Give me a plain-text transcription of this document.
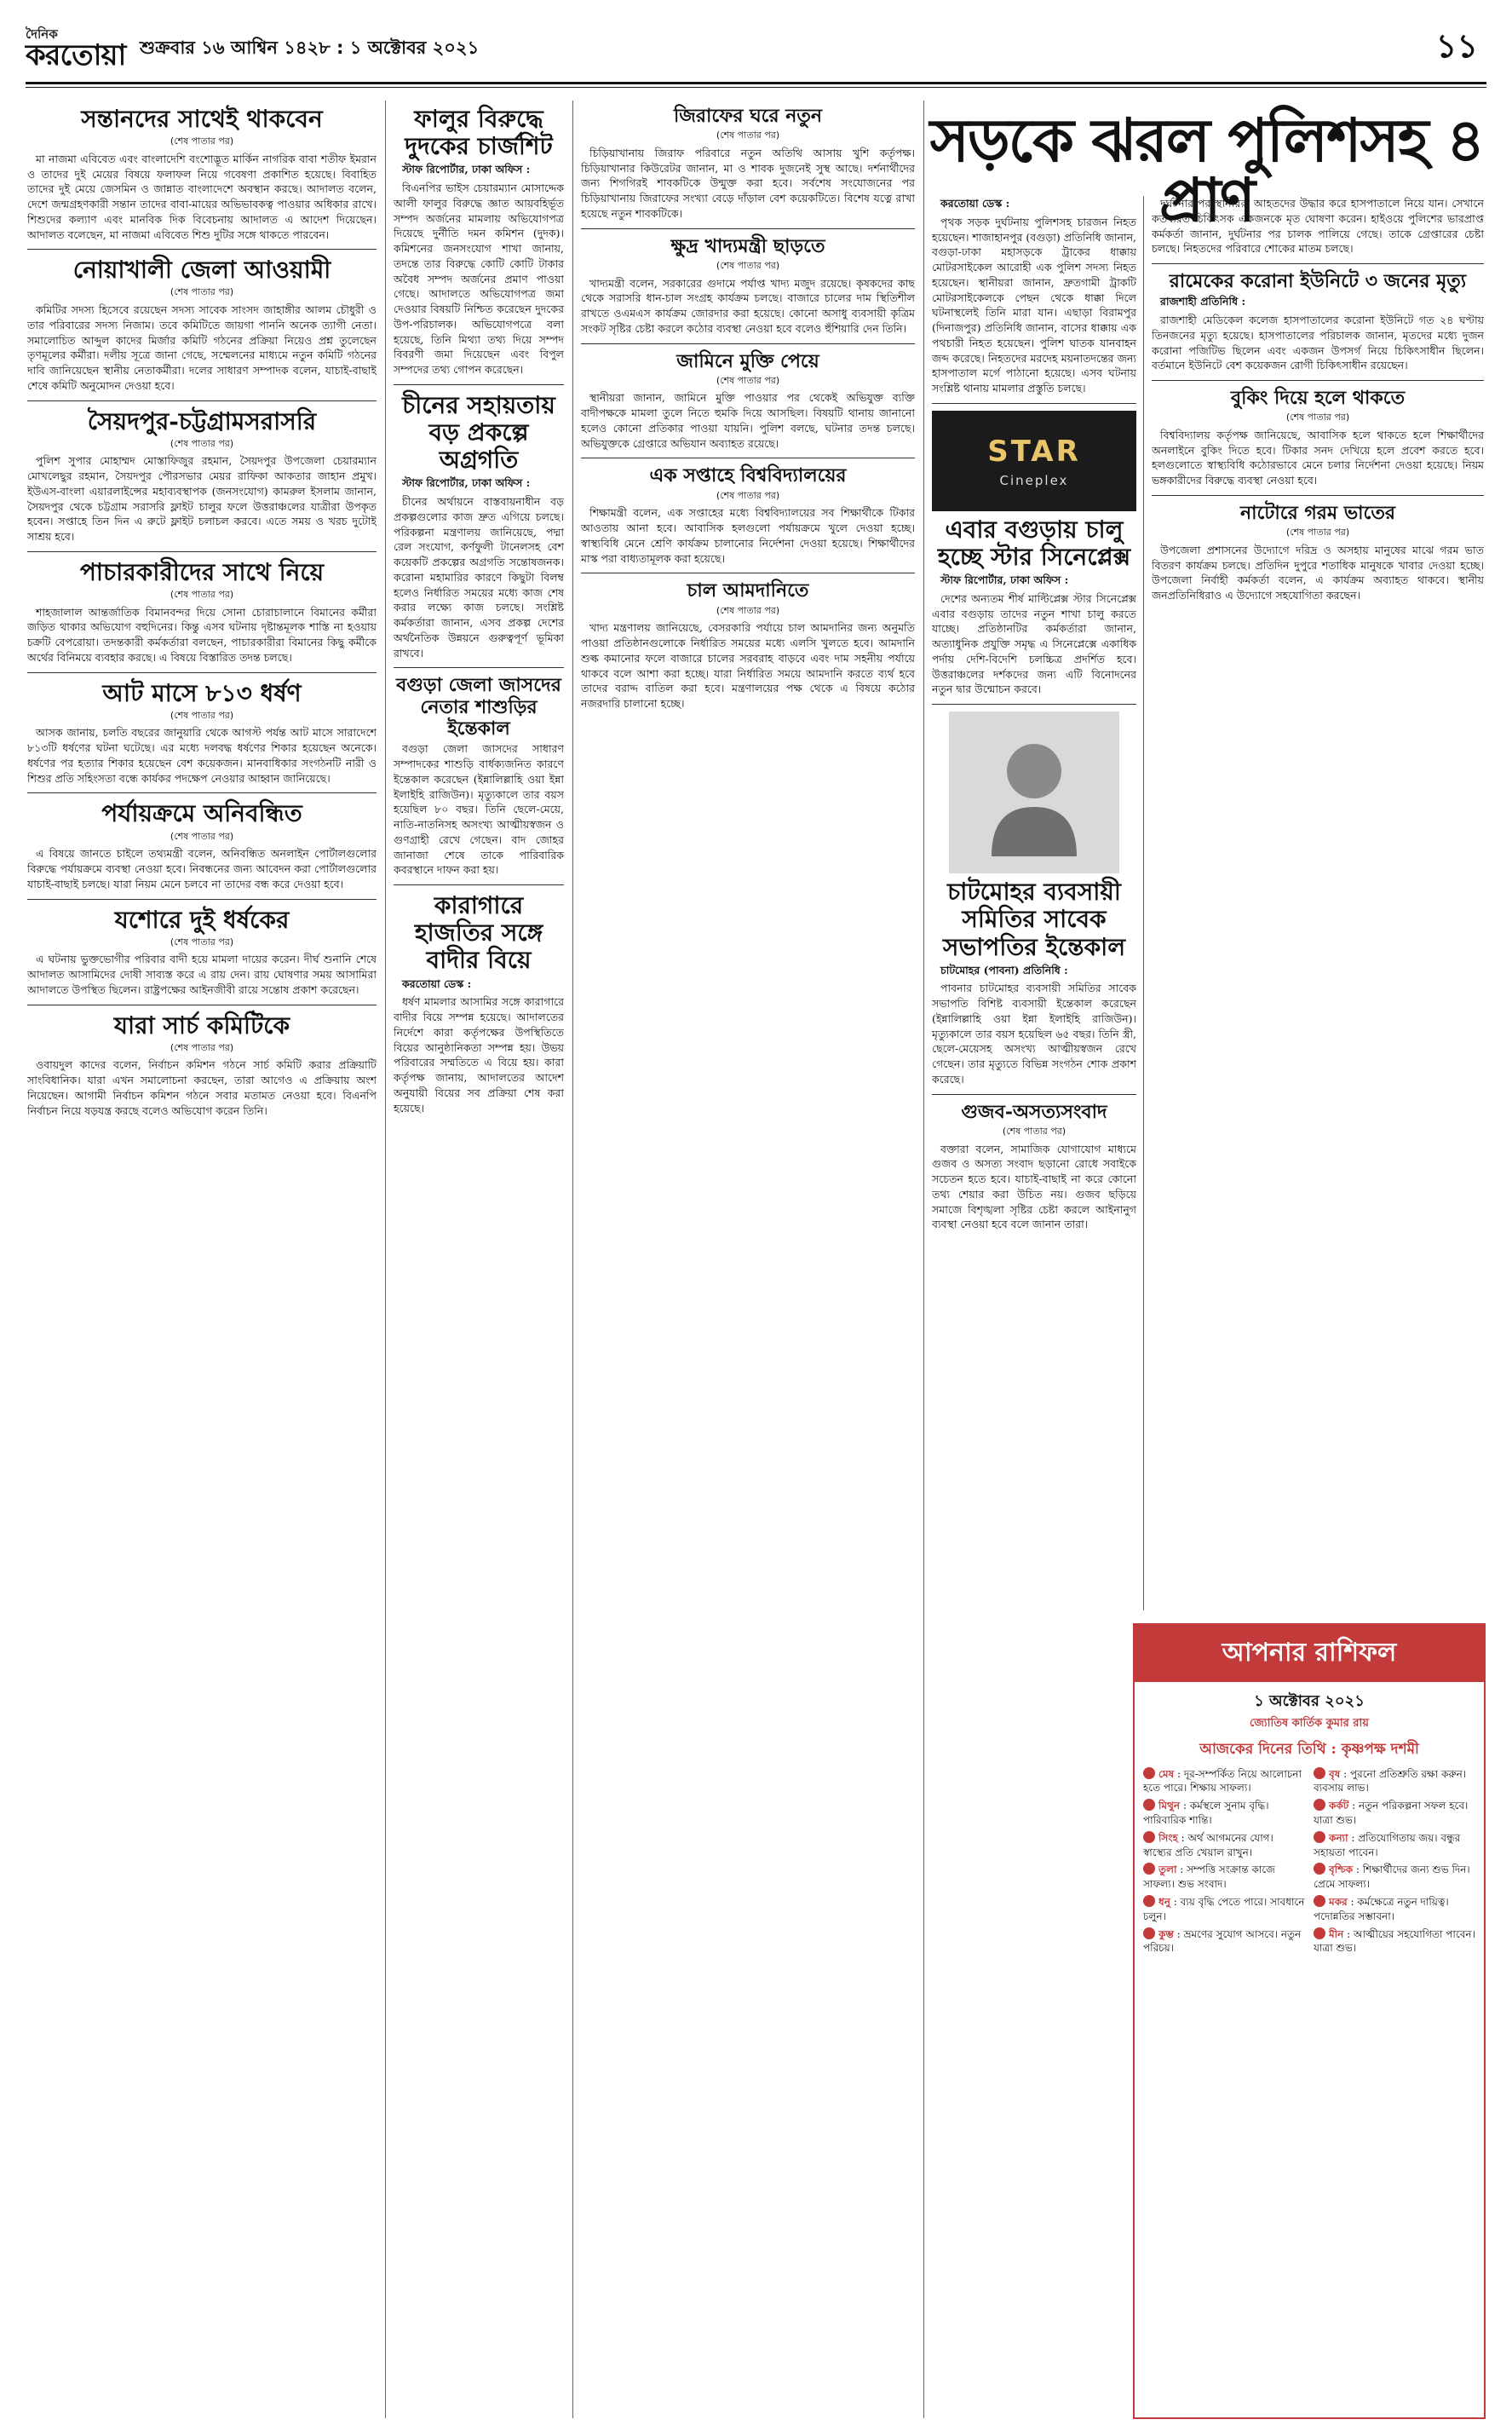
দৈনিক
করতোয়া শুক্রবার ১৬ আশ্বিন ১৪২৮ : ১ অক্টোবর ২০২১	১১
সন্তানদের সাথেই থাকবেন
(শেষ পাতার পর)

মা নাজমা এবিবেত এবং বাংলাদেশি বংশোদ্ভূত মার্কিন নাগরিক বাবা শতীফ ইমরান ও তাদের দুই মেয়ের বিষয়ে ফলাফল নিয়ে গবেষণা প্রকাশিত হয়েছে। বিবাহিত তাদের দুই মেয়ে জেসমিন ও জান্নাত বাংলাদেশে অবস্থান করছে। আদালত বলেন, দেশে জন্মগ্রহণকারী সন্তান তাদের বাবা-মায়ের অভিভাবকত্ব পাওয়ার অধিকার রাখে। শিশুদের কল্যাণ এবং মানবিক দিক বিবেচনায় আদালত এ আদেশ দিয়েছেন। আদালত বলেছেন, মা নাজমা এবিবেত শিশু দুটির সঙ্গে থাকতে পারবেন।

নোয়াখালী জেলা আওয়ামী
(শেষ পাতার পর)

কমিটির সদস্য হিসেবে রয়েছেন সদস্য সাবেক সাংসদ জাহাঙ্গীর আলম চৌধুরী ও তার পরিবারের সদস্য নিজাম। তবে কমিটিতে জায়গা পাননি অনেক ত্যাগী নেতা। সমালোচিত আব্দুল কাদের মির্জার কমিটি গঠনের প্রক্রিয়া নিয়েও প্রশ্ন তুলেছেন তৃণমূলের কর্মীরা। দলীয় সূত্রে জানা গেছে, সম্মেলনের মাধ্যমে নতুন কমিটি গঠনের দাবি জানিয়েছেন স্থানীয় নেতাকর্মীরা। দলের সাধারণ সম্পাদক বলেন, যাচাই-বাছাই শেষে কমিটি অনুমোদন দেওয়া হবে।

সৈয়দপুর-চট্টগ্রামসরাসরি
(শেষ পাতার পর)

পুলিশ সুপার মোহাম্মদ মোস্তাফিজুর রহমান, সৈয়দপুর উপজেলা চেয়ারম্যান মোখলেছুর রহমান, সৈয়দপুর পৌরসভার মেয়র রাফিকা আকতার জাহান প্রমুখ। ইউএস-বাংলা এয়ারলাইন্সের মহাব্যবস্থাপক (জনসংযোগ) কামরুল ইসলাম জানান, সৈয়দপুর থেকে চট্টগ্রাম সরাসরি ফ্লাইট চালুর ফলে উত্তরাঞ্চলের যাত্রীরা উপকৃত হবেন। সপ্তাহে তিন দিন এ রুটে ফ্লাইট চলাচল করবে। এতে সময় ও খরচ দুটোই সাশ্রয় হবে।

পাচারকারীদের সাথে নিয়ে
(শেষ পাতার পর)

শাহজালাল আন্তর্জাতিক বিমানবন্দর দিয়ে সোনা চোরাচালানে বিমানের কর্মীরা জড়িত থাকার অভিযোগ বহুদিনের। কিন্তু এসব ঘটনায় দৃষ্টান্তমূলক শাস্তি না হওয়ায় চক্রটি বেপরোয়া। তদন্তকারী কর্মকর্তারা বলছেন, পাচারকারীরা বিমানের কিছু কর্মীকে অর্থের বিনিময়ে ব্যবহার করছে। এ বিষয়ে বিস্তারিত তদন্ত চলছে।

আট মাসে ৮১৩ ধর্ষণ
(শেষ পাতার পর)

আসক জানায়, চলতি বছরের জানুয়ারি থেকে আগস্ট পর্যন্ত আট মাসে সারাদেশে ৮১৩টি ধর্ষণের ঘটনা ঘটেছে। এর মধ্যে দলবদ্ধ ধর্ষণের শিকার হয়েছেন অনেকে। ধর্ষণের পর হত্যার শিকার হয়েছেন বেশ কয়েকজন। মানবাধিকার সংগঠনটি নারী ও শিশুর প্রতি সহিংসতা বন্ধে কার্যকর পদক্ষেপ নেওয়ার আহ্বান জানিয়েছে।

পর্যায়ক্রমে অনিবন্ধিত
(শেষ পাতার পর)

এ বিষয়ে জানতে চাইলে তথ্যমন্ত্রী বলেন, অনিবন্ধিত অনলাইন পোর্টালগুলোর বিরুদ্ধে পর্যায়ক্রমে ব্যবস্থা নেওয়া হবে। নিবন্ধনের জন্য আবেদন করা পোর্টালগুলোর যাচাই-বাছাই চলছে। যারা নিয়ম মেনে চলবে না তাদের বন্ধ করে দেওয়া হবে।

যশোরে দুই ধর্ষকের
(শেষ পাতার পর)

এ ঘটনায় ভুক্তভোগীর পরিবার বাদী হয়ে মামলা দায়ের করেন। দীর্ঘ শুনানি শেষে আদালত আসামিদের দোষী সাব্যস্ত করে এ রায় দেন। রায় ঘোষণার সময় আসামিরা আদালতে উপস্থিত ছিলেন। রাষ্ট্রপক্ষের আইনজীবী রায়ে সন্তোষ প্রকাশ করেছেন।

যারা সার্চ কমিটিকে
(শেষ পাতার পর)

ওবায়দুল কাদের বলেন, নির্বাচন কমিশন গঠনে সার্চ কমিটি করার প্রক্রিয়াটি সাংবিধানিক। যারা এখন সমালোচনা করছেন, তারা আগেও এ প্রক্রিয়ায় অংশ নিয়েছেন। আগামী নির্বাচন কমিশন গঠনে সবার মতামত নেওয়া হবে। বিএনপি নির্বাচন নিয়ে ষড়যন্ত্র করছে বলেও অভিযোগ করেন তিনি।

ফালুর বিরুদ্ধে দুদকের চার্জশিট

স্টাফ রিপোর্টার, ঢাকা অফিস :

বিএনপির ভাইস চেয়ারম্যান মোসাদ্দেক আলী ফালুর বিরুদ্ধে জ্ঞাত আয়বহির্ভূত সম্পদ অর্জনের মামলায় অভিযোগপত্র দিয়েছে দুর্নীতি দমন কমিশন (দুদক)। কমিশনের জনসংযোগ শাখা জানায়, তদন্তে তার বিরুদ্ধে কোটি কোটি টাকার অবৈধ সম্পদ অর্জনের প্রমাণ পাওয়া গেছে। আদালতে অভিযোগপত্র জমা দেওয়ার বিষয়টি নিশ্চিত করেছেন দুদকের উপ-পরিচালক। অভিযোগপত্রে বলা হয়েছে, তিনি মিথ্যা তথ্য দিয়ে সম্পদ বিবরণী জমা দিয়েছেন এবং বিপুল সম্পদের তথ্য গোপন করেছেন।

চীনের সহায়তায় বড় প্রকল্পে অগ্রগতি

স্টাফ রিপোর্টার, ঢাকা অফিস :

চীনের অর্থায়নে বাস্তবায়নাধীন বড় প্রকল্পগুলোর কাজ দ্রুত এগিয়ে চলছে। পরিকল্পনা মন্ত্রণালয় জানিয়েছে, পদ্মা রেল সংযোগ, কর্ণফুলী টানেলসহ বেশ কয়েকটি প্রকল্পের অগ্রগতি সন্তোষজনক। করোনা মহামারির কারণে কিছুটা বিলম্ব হলেও নির্ধারিত সময়ের মধ্যে কাজ শেষ করার লক্ষ্যে কাজ চলছে। সংশ্লিষ্ট কর্মকর্তারা জানান, এসব প্রকল্প দেশের অর্থনৈতিক উন্নয়নে গুরুত্বপূর্ণ ভূমিকা রাখবে।

বগুড়া জেলা জাসদের নেতার শাশুড়ির ইন্তেকাল

বগুড়া জেলা জাসদের সাধারণ সম্পাদকের শাশুড়ি বার্ধক্যজনিত কারণে ইন্তেকাল করেছেন (ইন্নালিল্লাহি ওয়া ইন্না ইলাইহি রাজিউন)। মৃত্যুকালে তার বয়স হয়েছিল ৮০ বছর। তিনি ছেলে-মেয়ে, নাতি-নাতনিসহ অসংখ্য আত্মীয়স্বজন ও গুণগ্রাহী রেখে গেছেন। বাদ জোহর জানাজা শেষে তাকে পারিবারিক কবরস্থানে দাফন করা হয়।

কারাগারে হাজতির সঙ্গে বাদীর বিয়ে

করতোয়া ডেস্ক :

ধর্ষণ মামলার আসামির সঙ্গে কারাগারে বাদীর বিয়ে সম্পন্ন হয়েছে। আদালতের নির্দেশে কারা কর্তৃপক্ষের উপস্থিতিতে বিয়ের আনুষ্ঠানিকতা সম্পন্ন হয়। উভয় পরিবারের সম্মতিতে এ বিয়ে হয়। কারা কর্তৃপক্ষ জানায়, আদালতের আদেশ অনুযায়ী বিয়ের সব প্রক্রিয়া শেষ করা হয়েছে।

জিরাফের ঘরে নতুন
(শেষ পাতার পর)

চিড়িয়াখানায় জিরাফ পরিবারে নতুন অতিথি আসায় খুশি কর্তৃপক্ষ। চিড়িয়াখানার কিউরেটর জানান, মা ও শাবক দুজনেই সুস্থ আছে। দর্শনার্থীদের জন্য শিগগিরই শাবকটিকে উন্মুক্ত করা হবে। সর্বশেষ সংযোজনের পর চিড়িয়াখানায় জিরাফের সংখ্যা বেড়ে দাঁড়াল বেশ কয়েকটিতে। বিশেষ যত্নে রাখা হয়েছে নতুন শাবকটিকে।

ক্ষুদ্র খাদ্যমন্ত্রী ছাড়তে
(শেষ পাতার পর)

খাদ্যমন্ত্রী বলেন, সরকারের গুদামে পর্যাপ্ত খাদ্য মজুদ রয়েছে। কৃষকদের কাছ থেকে সরাসরি ধান-চাল সংগ্রহ কার্যক্রম চলছে। বাজারে চালের দাম স্থিতিশীল রাখতে ওএমএস কার্যক্রম জোরদার করা হয়েছে। কোনো অসাধু ব্যবসায়ী কৃত্রিম সংকট সৃষ্টির চেষ্টা করলে কঠোর ব্যবস্থা নেওয়া হবে বলেও হুঁশিয়ারি দেন তিনি।

জামিনে মুক্তি পেয়ে
(শেষ পাতার পর)

স্থানীয়রা জানান, জামিনে মুক্তি পাওয়ার পর থেকেই অভিযুক্ত ব্যক্তি বাদীপক্ষকে মামলা তুলে নিতে হুমকি দিয়ে আসছিল। বিষয়টি থানায় জানানো হলেও কোনো প্রতিকার পাওয়া যায়নি। পুলিশ বলছে, ঘটনার তদন্ত চলছে। অভিযুক্তকে গ্রেপ্তারে অভিযান অব্যাহত রয়েছে।

এক সপ্তাহে বিশ্ববিদ্যালয়ের
(শেষ পাতার পর)

শিক্ষামন্ত্রী বলেন, এক সপ্তাহের মধ্যে বিশ্ববিদ্যালয়ের সব শিক্ষার্থীকে টিকার আওতায় আনা হবে। আবাসিক হলগুলো পর্যায়ক্রমে খুলে দেওয়া হচ্ছে। স্বাস্থ্যবিধি মেনে শ্রেণি কার্যক্রম চালানোর নির্দেশনা দেওয়া হয়েছে। শিক্ষার্থীদের মাস্ক পরা বাধ্যতামূলক করা হয়েছে।

চাল আমদানিতে
(শেষ পাতার পর)

খাদ্য মন্ত্রণালয় জানিয়েছে, বেসরকারি পর্যায়ে চাল আমদানির জন্য অনুমতি পাওয়া প্রতিষ্ঠানগুলোকে নির্ধারিত সময়ের মধ্যে এলসি খুলতে হবে। আমদানি শুল্ক কমানোর ফলে বাজারে চালের সরবরাহ বাড়বে এবং দাম সহনীয় পর্যায়ে থাকবে বলে আশা করা হচ্ছে। যারা নির্ধারিত সময়ে আমদানি করতে ব্যর্থ হবে তাদের বরাদ্দ বাতিল করা হবে। মন্ত্রণালয়ের পক্ষ থেকে এ বিষয়ে কঠোর নজরদারি চালানো হচ্ছে।

সড়কে ঝরল পুলিশসহ ৪ প্রাণ

করতোয়া ডেস্ক :

পৃথক সড়ক দুর্ঘটনায় পুলিশসহ চারজন নিহত হয়েছেন। শাজাহানপুর (বগুড়া) প্রতিনিধি জানান, বগুড়া-ঢাকা মহাসড়কে ট্রাকের ধাক্কায় মোটরসাইকেল আরোহী এক পুলিশ সদস্য নিহত হয়েছেন। স্থানীয়রা জানান, দ্রুতগামী ট্রাকটি মোটরসাইকেলকে পেছন থেকে ধাক্কা দিলে ঘটনাস্থলেই তিনি মারা যান। এছাড়া বিরামপুর (দিনাজপুর) প্রতিনিধি জানান, বাসের ধাক্কায় এক পথচারী নিহত হয়েছেন। পুলিশ ঘাতক যানবাহন জব্দ করেছে। নিহতদের মরদেহ ময়নাতদন্তের জন্য হাসপাতাল মর্গে পাঠানো হয়েছে। এসব ঘটনায় সংশ্লিষ্ট থানায় মামলার প্রস্তুতি চলছে।

STAR
Cineplex
এবার বগুড়ায় চালু হচ্ছে স্টার সিনেপ্লেক্স

স্টাফ রিপোর্টার, ঢাকা অফিস :

দেশের অন্যতম শীর্ষ মাল্টিপ্লেক্স স্টার সিনেপ্লেক্স এবার বগুড়ায় তাদের নতুন শাখা চালু করতে যাচ্ছে। প্রতিষ্ঠানটির কর্মকর্তারা জানান, অত্যাধুনিক প্রযুক্তি সমৃদ্ধ এ সিনেপ্লেক্সে একাধিক পর্দায় দেশি-বিদেশি চলচ্চিত্র প্রদর্শিত হবে। উত্তরাঞ্চলের দর্শকদের জন্য এটি বিনোদনের নতুন দ্বার উন্মোচন করবে।

চাটমোহর ব্যবসায়ী সমিতির সাবেক সভাপতির ইন্তেকাল

চাটমোহর (পাবনা) প্রতিনিধি :

পাবনার চাটমোহর ব্যবসায়ী সমিতির সাবেক সভাপতি বিশিষ্ট ব্যবসায়ী ইন্তেকাল করেছেন (ইন্নালিল্লাহি ওয়া ইন্না ইলাইহি রাজিউন)। মৃত্যুকালে তার বয়স হয়েছিল ৬৫ বছর। তিনি স্ত্রী, ছেলে-মেয়েসহ অসংখ্য আত্মীয়স্বজন রেখে গেছেন। তার মৃত্যুতে বিভিন্ন সংগঠন শোক প্রকাশ করেছে।

গুজব-অসত্যসংবাদ
(শেষ পাতার পর)

বক্তারা বলেন, সামাজিক যোগাযোগ মাধ্যমে গুজব ও অসত্য সংবাদ ছড়ানো রোধে সবাইকে সচেতন হতে হবে। যাচাই-বাছাই না করে কোনো তথ্য শেয়ার করা উচিত নয়। গুজব ছড়িয়ে সমাজে বিশৃঙ্খলা সৃষ্টির চেষ্টা করলে আইনানুগ ব্যবস্থা নেওয়া হবে বলে জানান তারা।

দুর্ঘটনার পর স্থানীয়রা আহতদের উদ্ধার করে হাসপাতালে নিয়ে যান। সেখানে কর্তব্যরত চিকিৎসক একজনকে মৃত ঘোষণা করেন। হাইওয়ে পুলিশের ভারপ্রাপ্ত কর্মকর্তা জানান, দুর্ঘটনার পর চালক পালিয়ে গেছে। তাকে গ্রেপ্তারের চেষ্টা চলছে। নিহতদের পরিবারে শোকের মাতম চলছে।

রামেকের করোনা ইউনিটে ৩ জনের মৃত্যু

রাজশাহী প্রতিনিধি :

রাজশাহী মেডিকেল কলেজ হাসপাতালের করোনা ইউনিটে গত ২৪ ঘণ্টায় তিনজনের মৃত্যু হয়েছে। হাসপাতালের পরিচালক জানান, মৃতদের মধ্যে দুজন করোনা পজিটিভ ছিলেন এবং একজন উপসর্গ নিয়ে চিকিৎসাধীন ছিলেন। বর্তমানে ইউনিটে বেশ কয়েকজন রোগী চিকিৎসাধীন রয়েছেন।

বুকিং দিয়ে হলে থাকতে
(শেষ পাতার পর)

বিশ্ববিদ্যালয় কর্তৃপক্ষ জানিয়েছে, আবাসিক হলে থাকতে হলে শিক্ষার্থীদের অনলাইনে বুকিং দিতে হবে। টিকার সনদ দেখিয়ে হলে প্রবেশ করতে হবে। হলগুলোতে স্বাস্থ্যবিধি কঠোরভাবে মেনে চলার নির্দেশনা দেওয়া হয়েছে। নিয়ম ভঙ্গকারীদের বিরুদ্ধে ব্যবস্থা নেওয়া হবে।

নাটোরে গরম ভাতের
(শেষ পাতার পর)

উপজেলা প্রশাসনের উদ্যোগে দরিদ্র ও অসহায় মানুষের মাঝে গরম ভাত বিতরণ কার্যক্রম চলছে। প্রতিদিন দুপুরে শতাধিক মানুষকে খাবার দেওয়া হচ্ছে। উপজেলা নির্বাহী কর্মকর্তা বলেন, এ কার্যক্রম অব্যাহত থাকবে। স্থানীয় জনপ্রতিনিধিরাও এ উদ্যোগে সহযোগিতা করছেন।

আপনার রাশিফল
১ অক্টোবর ২০২১
জ্যোতিষ কার্তিক কুমার রায়
আজকের দিনের তিথি : কৃষ্ণপক্ষ দশমী
মেষ : দূর-সম্পর্কিত নিয়ে আলোচনা হতে পারে। শিক্ষায় সাফল্য।
বৃষ : পুরনো প্রতিশ্রুতি রক্ষা করুন। ব্যবসায় লাভ।
মিথুন : কর্মস্থলে সুনাম বৃদ্ধি। পারিবারিক শান্তি।
কর্কট : নতুন পরিকল্পনা সফল হবে। যাত্রা শুভ।
সিংহ : অর্থ আগমনের যোগ। স্বাস্থ্যের প্রতি খেয়াল রাখুন।
কন্যা : প্রতিযোগিতায় জয়। বন্ধুর সহায়তা পাবেন।
তুলা : সম্পত্তি সংক্রান্ত কাজে সাফল্য। শুভ সংবাদ।
বৃশ্চিক : শিক্ষার্থীদের জন্য শুভ দিন। প্রেমে সাফল্য।
ধনু : ব্যয় বৃদ্ধি পেতে পারে। সাবধানে চলুন।
মকর : কর্মক্ষেত্রে নতুন দায়িত্ব। পদোন্নতির সম্ভাবনা।
কুম্ভ : ভ্রমণের সুযোগ আসবে। নতুন পরিচয়।
মীন : আত্মীয়ের সহযোগিতা পাবেন। যাত্রা শুভ।
